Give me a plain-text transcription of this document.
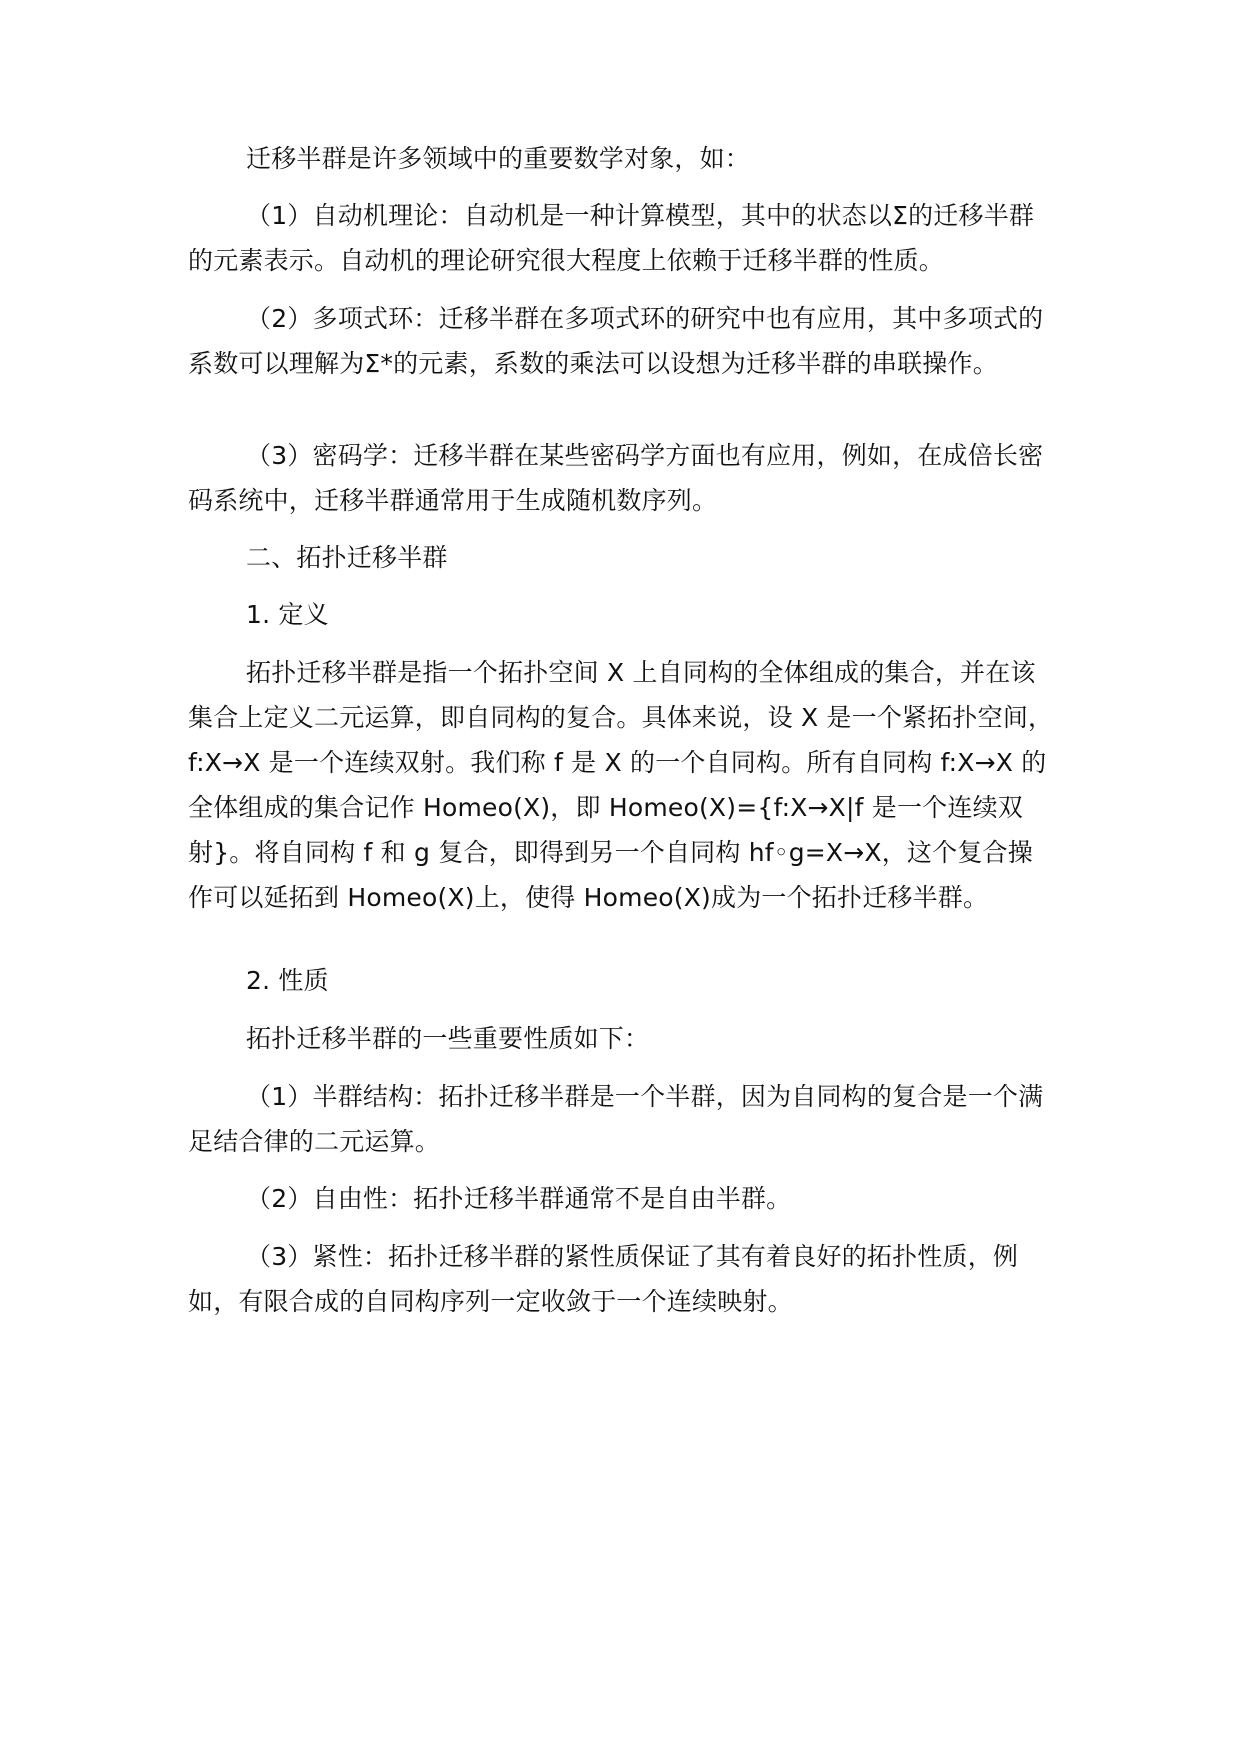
迁移半群是许多领域中的重要数学对象，如：

（1）自动机理论：自动机是一种计算模型，其中的状态以Σ的迁移半群的元素表示。自动机的理论研究很大程度上依赖于迁移半群的性质。

（2）多项式环：迁移半群在多项式环的研究中也有应用，其中多项式的系数可以理解为Σ*的元素，系数的乘法可以设想为迁移半群的串联操作。

（3）密码学：迁移半群在某些密码学方面也有应用，例如，在成倍长密码系统中，迁移半群通常用于生成随机数序列。

二、拓扑迁移半群

1. 定义

拓扑迁移半群是指一个拓扑空间 X 上自同构的全体组成的集合，并在该集合上定义二元运算，即自同构的复合。具体来说，设 X 是一个紧拓扑空间，f:X→X 是一个连续双射。我们称 f 是 X 的一个自同构。所有自同构 f:X→X 的全体组成的集合记作 Homeo(X)，即 Homeo(X)={f:X→X|f 是一个连续双射}。将自同构 f 和 g 复合，即得到另一个自同构 hf◦g=X→X，这个复合操作可以延拓到 Homeo(X)上，使得 Homeo(X)成为一个拓扑迁移半群。

2. 性质

拓扑迁移半群的一些重要性质如下：

（1）半群结构：拓扑迁移半群是一个半群，因为自同构的复合是一个满足结合律的二元运算。

（2）自由性：拓扑迁移半群通常不是自由半群。

（3）紧性：拓扑迁移半群的紧性质保证了其有着良好的拓扑性质，例如，有限合成的自同构序列一定收敛于一个连续映射。
